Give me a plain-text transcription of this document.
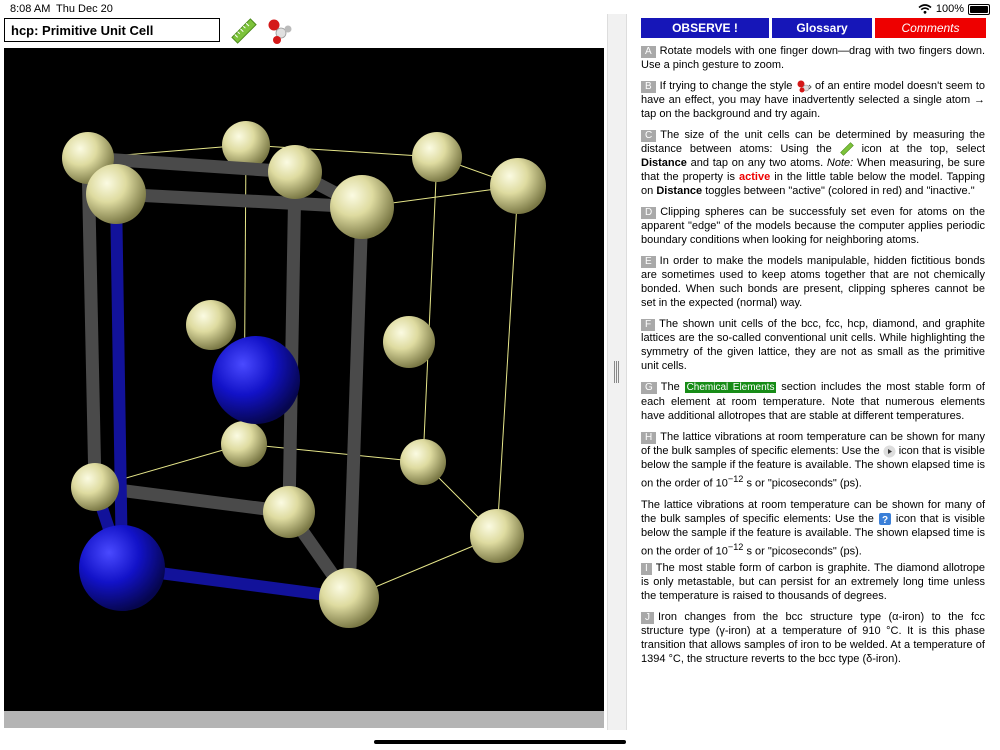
8:08 AM Thu Dec 20	100%
hcp: Primitive Unit Cell	OBSERVE !	Glossary	Comments

A Rotate models with one finger down—drag with two fingers down. Use a pinch gesture to zoom.

B If trying to change the style of an entire model doesn't seem to have an effect, you may have inadvertently selected a single atom → tap on the background and try again.

C The size of the unit cells can be determined by measuring the distance between atoms: Using the	icon at the top, select Distance and tap on any two atoms. Note: When measuring, be sure that the property is active in the little table below the model. Tapping on Distance toggles between "active" (colored in red) and "inactive."

D Clipping spheres can be successfuly set even for atoms on the apparent "edge" of the models because the computer applies periodic boundary conditions when looking for neighboring atoms.

E In order to make the models manipulable, hidden fictitious bonds are sometimes used to keep atoms together that are not chemically bonded. When such bonds are present, clipping spheres cannot be set in the expected (normal) way.

F The shown unit cells of the bcc, fcc, hcp, diamond, and graphite lattices are the so-called conventional unit cells. While highlighting the symmetry of the given lattice, they are not as small as the primitive unit cells.

G The Chemical Elements section includes the most stable form of each element at room temperature. Note that numerous elements have additional allotropes that are stable at different temperatures.

H The lattice vibrations at room temperature can be shown for many of the bulk samples of specific elements: Use the icon that is visible below the sample if the feature is available. The shown elapsed time is on the order of $10^{-12}$ s or "picoseconds" (ps).

The lattice vibrations at room temperature can be shown for many of the bulk samples of specific elements: Use the ? icon that is visible below the sample if the feature is available. The shown elapsed time is on the order of $10^{-12}$ s or "picoseconds" (ps).

I The most stable form of carbon is graphite. The diamond allotrope is only metastable, but can persist for an extremely long time unless the temperature is raised to thousands of degrees.

J Iron changes from the bcc structure type (α-iron) to the fcc structure type (γ-iron) at a temperature of 910 °C. It is this phase transition that allows samples of iron to be welded. At a temperature of 1394 °C, the structure reverts to the bcc type (δ-iron).
